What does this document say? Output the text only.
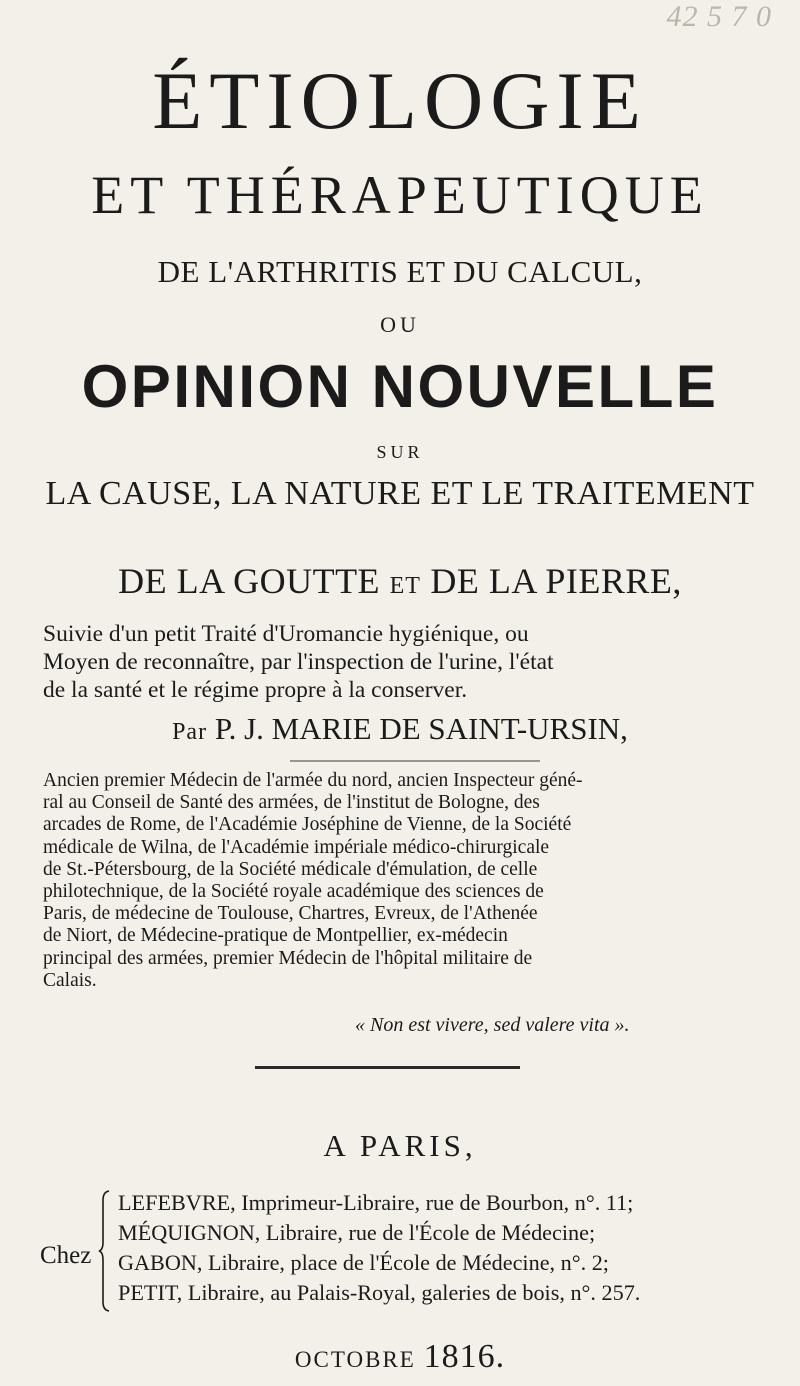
42 5 7 0
ÉTIOLOGIE
ET THÉRAPEUTIQUE
DE L'ARTHRITIS ET DU CALCUL,
OU
OPINION NOUVELLE
SUR
LA CAUSE, LA NATURE ET LE TRAITEMENT
DE LA GOUTTE ET DE LA PIERRE,
Suivie d'un petit Traité d'Uromancie hygiénique, ou
Moyen de reconnaître, par l'inspection de l'urine, l'état
de la santé et le régime propre à la conserver.
Par P. J. MARIE DE SAINT-URSIN,
Ancien premier Médecin de l'armée du nord, ancien Inspecteur géné-
ral au Conseil de Santé des armées, de l'institut de Bologne, des
arcades de Rome, de l'Académie Joséphine de Vienne, de la Société
médicale de Wilna, de l'Académie impériale médico-chirurgicale
de St.-Pétersbourg, de la Société médicale d'émulation, de celle
philotechnique, de la Société royale académique des sciences de
Paris, de médecine de Toulouse, Chartres, Evreux, de l'Athenée
de Niort, de Médecine-pratique de Montpellier, ex-médecin
principal des armées, premier Médecin de l'hôpital militaire de
Calais.
« Non est vivere, sed valere vita ».
A PARIS,
Chez
LEFEBVRE, Imprimeur-Libraire, rue de Bourbon, n°. 11;
MÉQUIGNON, Libraire, rue de l'École de Médecine;
GABON, Libraire, place de l'École de Médecine, n°. 2;
PETIT, Libraire, au Palais-Royal, galeries de bois, n°. 257.
OCTOBRE 1816.
